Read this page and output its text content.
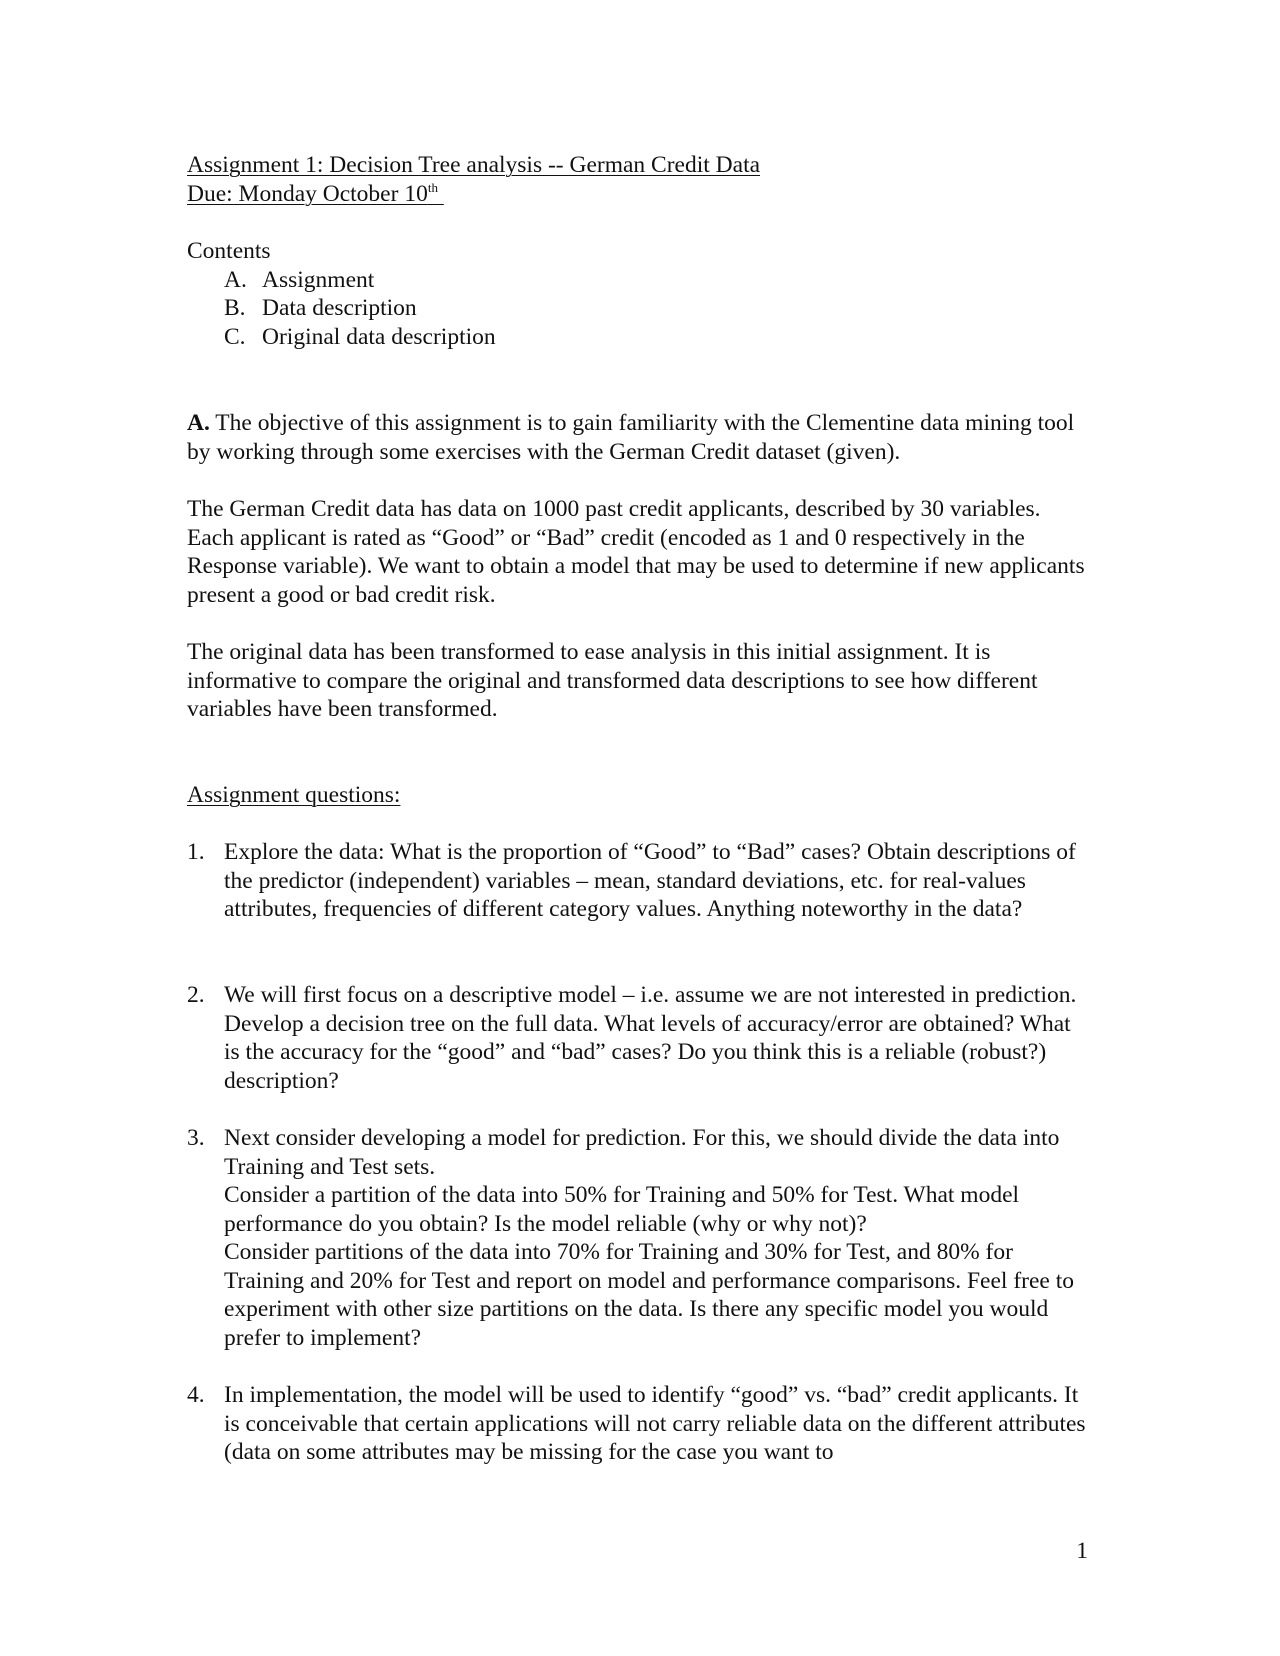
Assignment 1: Decision Tree analysis -- German Credit Data

Due: Monday October 10th

Contents

A. Assignment
B. Data description
C. Original data description

A. The objective of this assignment is to gain familiarity with the Clementine data mining tool by working through some exercises with the German Credit dataset (given).

The German Credit data has data on 1000 past credit applicants, described by 30 variables. Each applicant is rated as “Good” or “Bad” credit (encoded as 1 and 0 respectively in the Response variable). We want to obtain a model that may be used to determine if new applicants present a good or bad credit risk.

The original data has been transformed to ease analysis in this initial assignment. It is informative to compare the original and transformed data descriptions to see how different variables have been transformed.

Assignment questions:

1. Explore the data: What is the proportion of “Good” to “Bad” cases? Obtain descriptions of the predictor (independent) variables – mean, standard deviations, etc. for real-values attributes, frequencies of different category values. Anything noteworthy in the data?
2. We will first focus on a descriptive model – i.e. assume we are not interested in prediction. Develop a decision tree on the full data. What levels of accuracy/error are obtained? What is the accuracy for the “good” and “bad” cases? Do you think this is a reliable (robust?) description?
3. Next consider developing a model for prediction. For this, we should divide the data into Training and Test sets.
Consider a partition of the data into 50% for Training and 50% for Test. What model performance do you obtain? Is the model reliable (why or why not)?
Consider partitions of the data into 70% for Training and 30% for Test, and 80% for Training and 20% for Test and report on model and performance comparisons. Feel free to experiment with other size partitions on the data. Is there any specific model you would prefer to implement?
4. In implementation, the model will be used to identify “good” vs. “bad” credit applicants. It is conceivable that certain applications will not carry reliable data on the different attributes (data on some attributes may be missing for the case you want to
1
